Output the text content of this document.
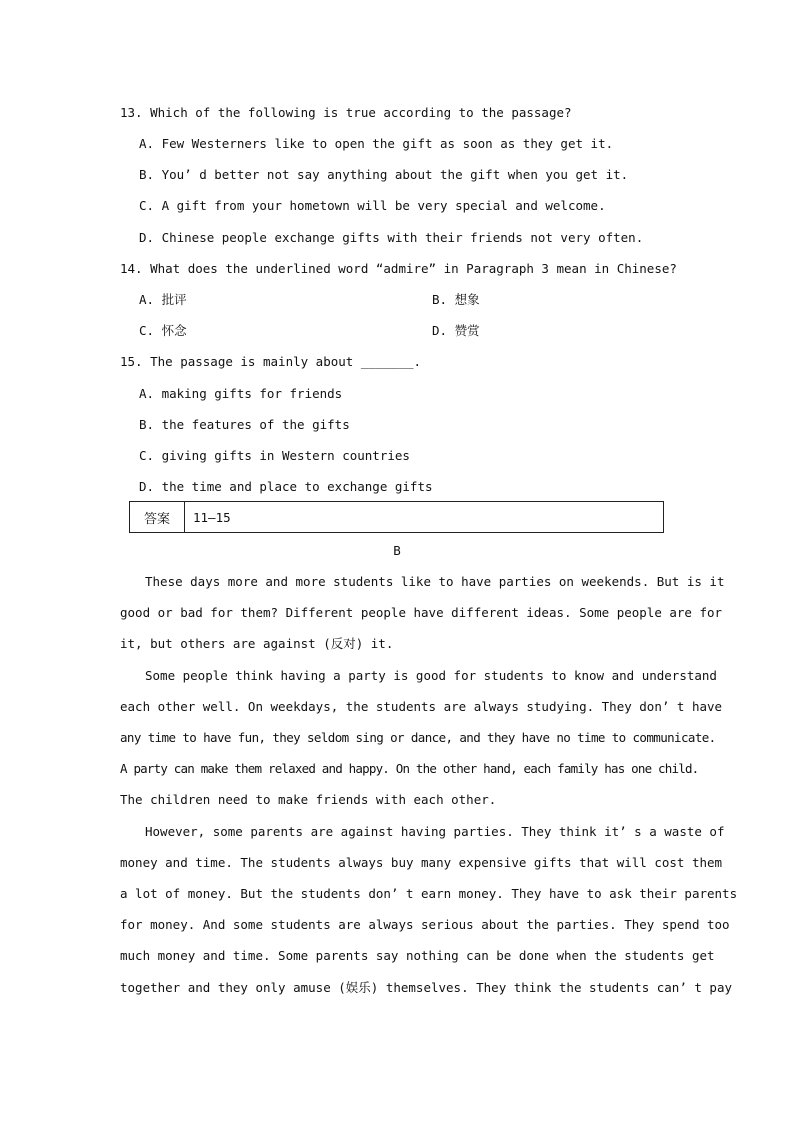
13. Which of the following is true according to the passage?
A. Few Westerners like to open the gift as soon as they get it.
B. You’ d better not say anything about the gift when you get it.
C. A gift from your hometown will be very special and welcome.
D. Chinese people exchange gifts with their friends not very often.
14. What does the underlined word “admire” in Paragraph 3 mean in Chinese?
A. 批评	B. 想象
C. 怀念	D. 赞赏
15. The passage is mainly about _______.
A. making gifts for friends
B. the features of the gifts
C. giving gifts in Western countries
D. the time and place to exchange gifts
答案	11—15
B
These days more and more students like to have parties on weekends. But is it
good or bad for them? Different people have different ideas. Some people are for
it, but others are against (反对) it.
Some people think having a party is good for students to know and understand
each other well. On weekdays, the students are always studying. They don’ t have
any time to have fun, they seldom sing or dance, and they have no time to communicate.
A party can make them relaxed and happy. On the other hand, each family has one child.
The children need to make friends with each other.
However, some parents are against having parties. They think it’ s a waste of
money and time. The students always buy many expensive gifts that will cost them
a lot of money. But the students don’ t earn money. They have to ask their parents
for money. And some students are always serious about the parties. They spend too
much money and time. Some parents say nothing can be done when the students get
together and they only amuse (娱乐) themselves. They think the students can’ t pay
